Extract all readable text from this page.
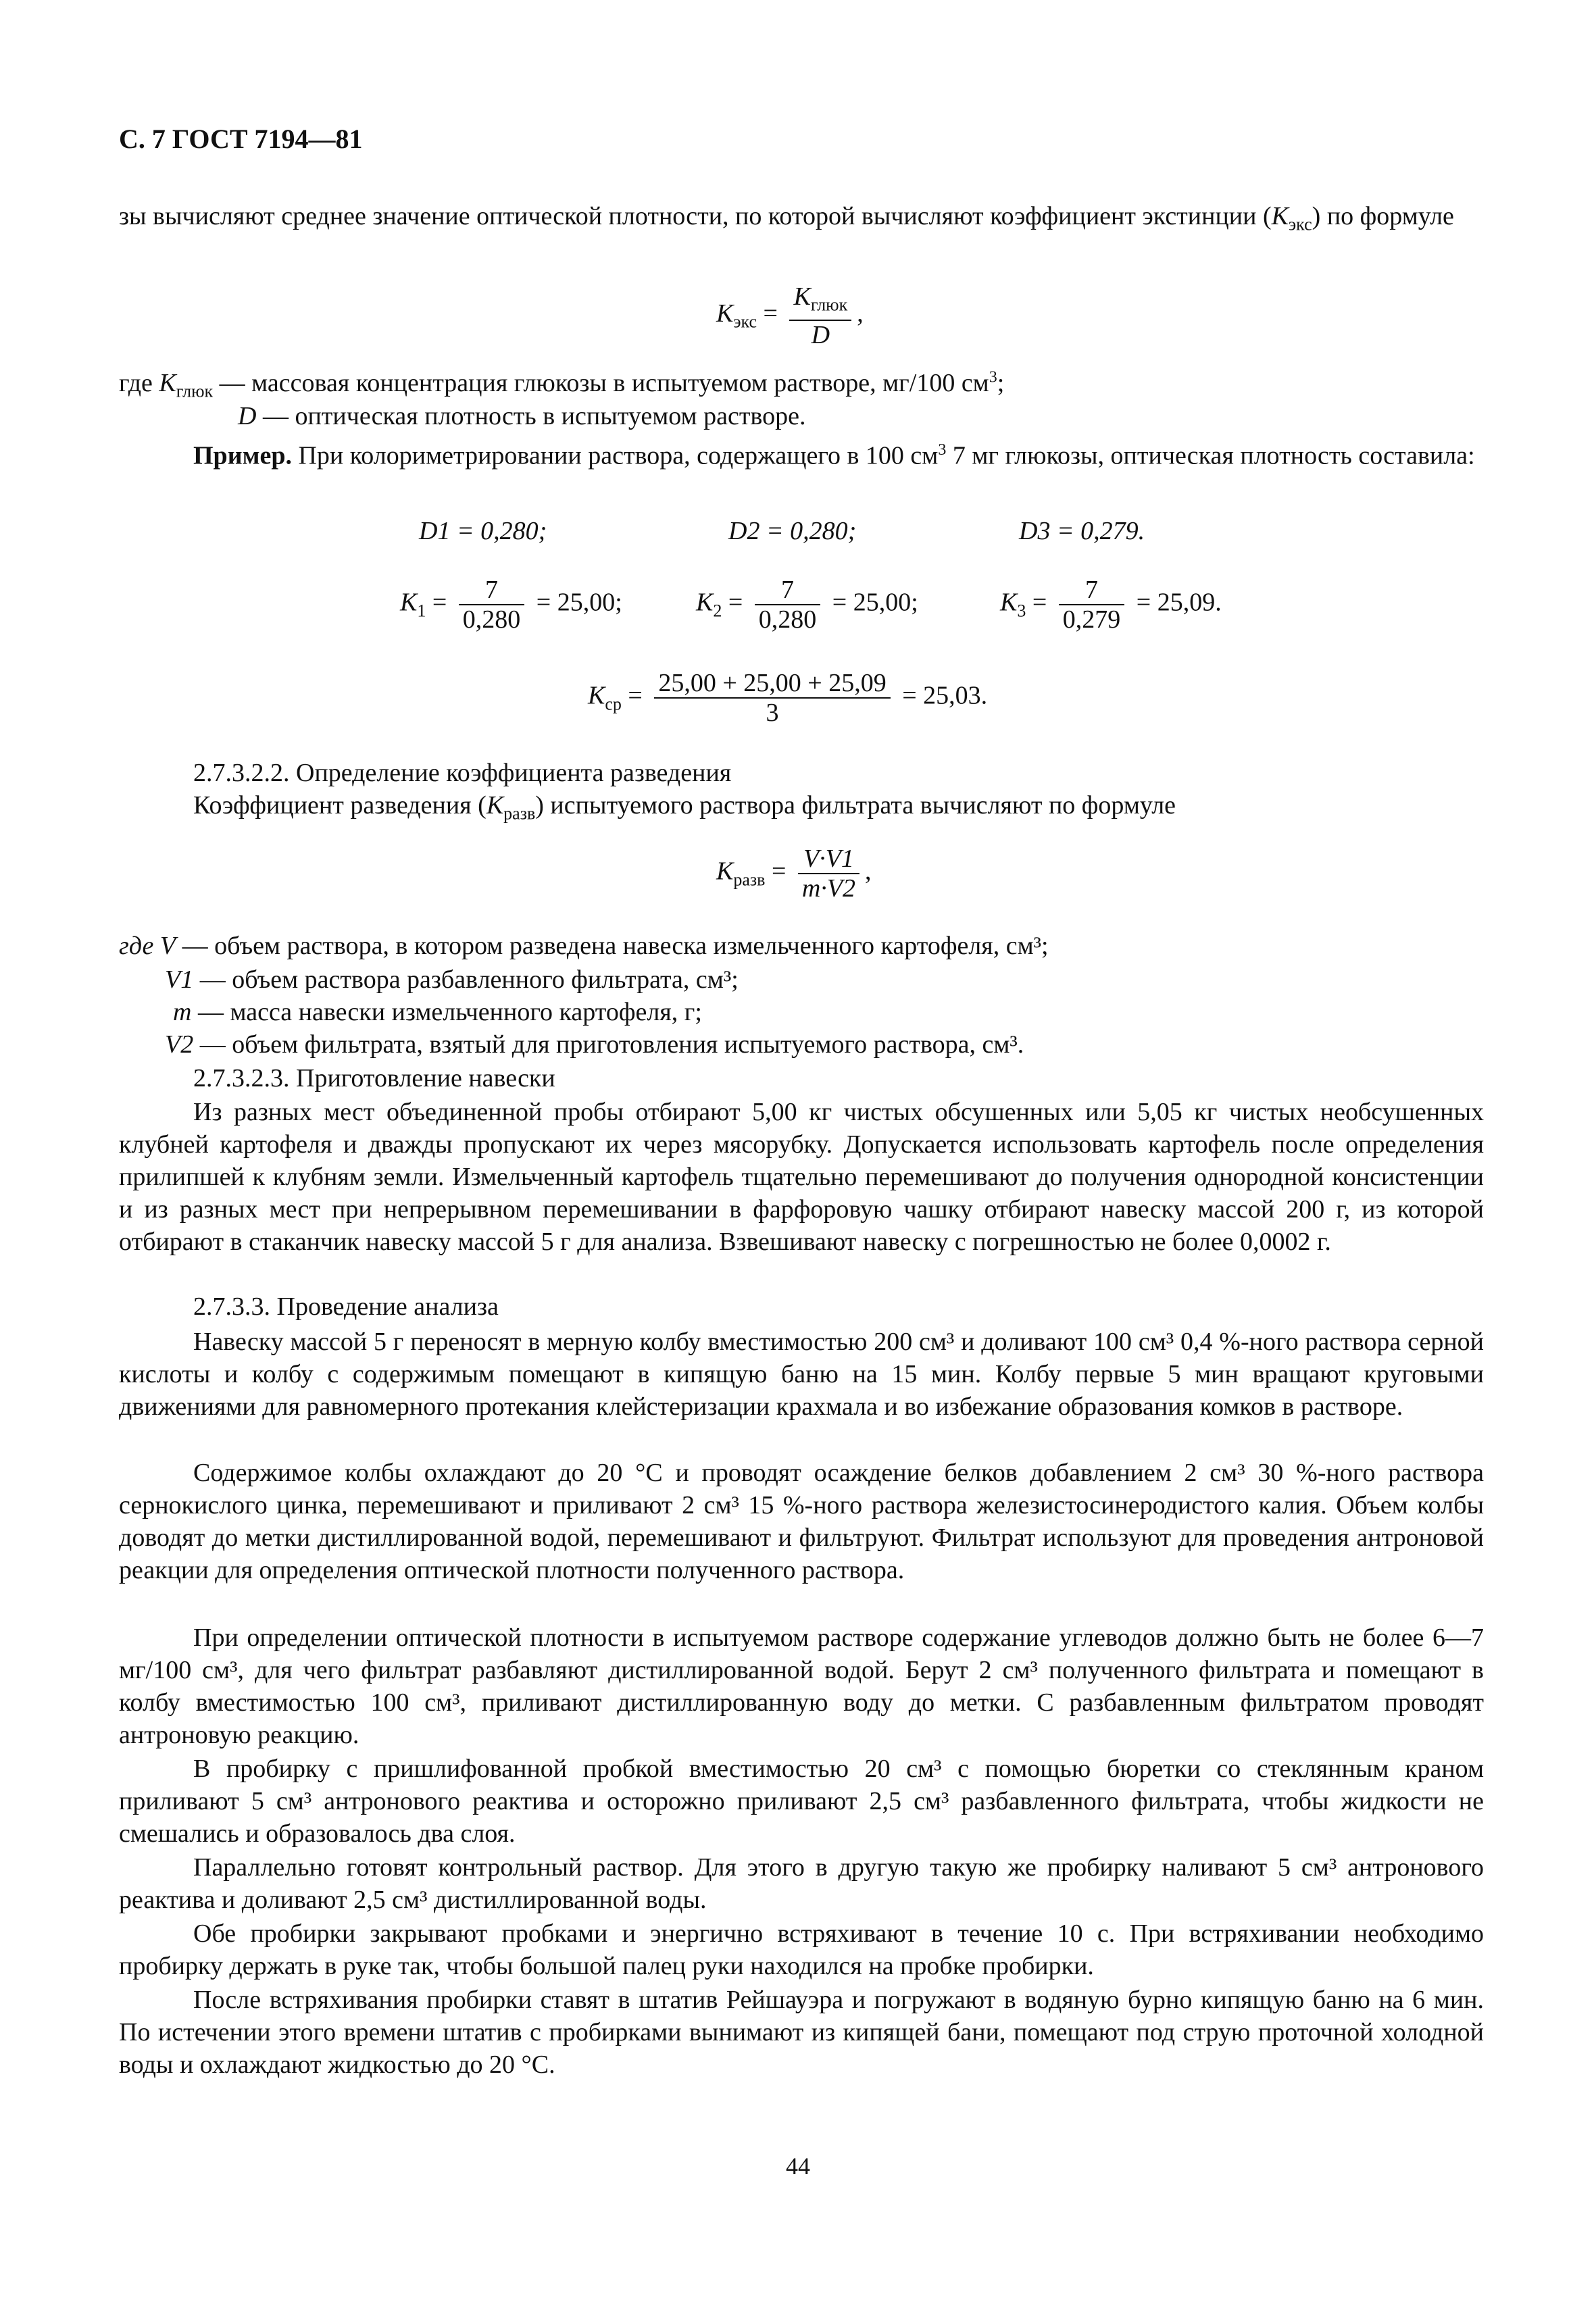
С. 7 ГОСТ 7194—81

зы вычисляют среднее значение оптической плотности, по которой вычисляют коэффициент экстинции $(K_{экс})$ по формуле

$K_{экс} = \frac{K_{глюк}}{D}$ ,
где $K_{глюк}$ — массовая концентрация глюкозы в испытуемом растворе, мг/100 $см^3$;
D — оптическая плотность в испытуемом растворе.

Пример. При колориметрировании раствора, содержащего в 100 $см^3$ 7 мг глюкозы, оптическая плотность составила:

D1 = 0,280;	D2 = 0,280;	D3 = 0,279.
$K_1 = \frac{7}{0,280} = 25,00$;	$K_2 = \frac{7}{0,280} = 25,00$;	$K_3 = \frac{7}{0,279} = 25,09$.
$K_{ср} = \frac{25,00 + 25,00 + 25,09}{3} = 25,03$.
2.7.3.2.2. Определение коэффициента разведения
Коэффициент разведения $(K_{разв})$ испытуемого раствора фильтрата вычисляют по формуле
$K_{разв} = \frac{V\cdot V1}{m\cdot V2}$ ,
где V — объем раствора, в котором разведена навеска измельченного картофеля, см³;
V1 — объем раствора разбавленного фильтрата, см³;
m — масса навески измельченного картофеля, г;
V2 — объем фильтрата, взятый для приготовления испытуемого раствора, см³.
2.7.3.2.3. Приготовление навески

Из разных мест объединенной пробы отбирают 5,00 кг чистых обсушенных или 5,05 кг чистых необсушенных клубней картофеля и дважды пропускают их через мясорубку. Допускается использовать картофель после определения прилипшей к клубням земли. Измельченный картофель тщательно перемешивают до получения однородной консистенции и из разных мест при непрерывном перемешивании в фарфоровую чашку отбирают навеску массой 200 г, из которой отбирают в стаканчик навеску массой 5 г для анализа. Взвешивают навеску с погрешностью не более 0,0002 г.

2.7.3.3. Проведение анализа

Навеску массой 5 г переносят в мерную колбу вместимостью 200 см³ и доливают 100 см³ 0,4 %-ного раствора серной кислоты и колбу с содержимым помещают в кипящую баню на 15 мин. Колбу первые 5 мин вращают круговыми движениями для равномерного протекания клейстеризации крахмала и во избежание образования комков в растворе.

Содержимое колбы охлаждают до 20 °С и проводят осаждение белков добавлением 2 см³ 30 %-ного раствора сернокислого цинка, перемешивают и приливают 2 см³ 15 %-ного раствора железистосинеродистого калия. Объем колбы доводят до метки дистиллированной водой, перемешивают и фильтруют. Фильтрат используют для проведения антроновой реакции для определения оптической плотности полученного раствора.

При определении оптической плотности в испытуемом растворе содержание углеводов должно быть не более 6—7 мг/100 см³, для чего фильтрат разбавляют дистиллированной водой. Берут 2 см³ полученного фильтрата и помещают в колбу вместимостью 100 см³, приливают дистиллированную воду до метки. С разбавленным фильтратом проводят антроновую реакцию.

В пробирку с пришлифованной пробкой вместимостью 20 см³ с помощью бюретки со стеклянным краном приливают 5 см³ антронового реактива и осторожно приливают 2,5 см³ разбавленного фильтрата, чтобы жидкости не смешались и образовалось два слоя.

Параллельно готовят контрольный раствор. Для этого в другую такую же пробирку наливают 5 см³ антронового реактива и доливают 2,5 см³ дистиллированной воды.

Обе пробирки закрывают пробками и энергично встряхивают в течение 10 с. При встряхивании необходимо пробирку держать в руке так, чтобы большой палец руки находился на пробке пробирки.

После встряхивания пробирки ставят в штатив Рейшауэра и погружают в водяную бурно кипящую баню на 6 мин. По истечении этого времени штатив с пробирками вынимают из кипящей бани, помещают под струю проточной холодной воды и охлаждают жидкостью до 20 °С.

44
